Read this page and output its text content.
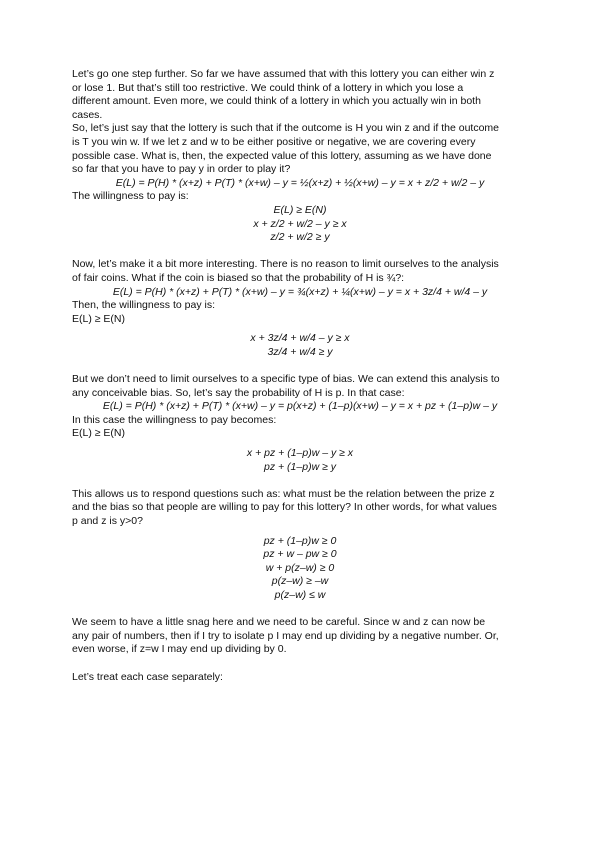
Let’s go one step further. So far we have assumed that with this lottery you can either win z
or lose 1. But that’s still too restrictive. We could think of a lottery in which you lose a
different amount. Even more, we could think of a lottery in which you actually win in both
cases.
So, let’s just say that the lottery is such that if the outcome is H you win z and if the outcome
is T you win w. If we let z and w to be either positive or negative, we are covering every
possible case. What is, then, the expected value of this lottery, assuming as we have done
so far that you have to pay y in order to play it?
E(L) = P(H) * (x+z) + P(T) * (x+w) – y = ½(x+z) + ½(x+w) – y = x + z/2 + w/2 – y
The willingness to pay is:
E(L) ≥ E(N)
x + z/2 + w/2 – y ≥ x
z/2 + w/2 ≥ y
Now, let’s make it a bit more interesting. There is no reason to limit ourselves to the analysis
of fair coins. What if the coin is biased so that the probability of H is ¾?:
E(L) = P(H) * (x+z) + P(T) * (x+w) – y = ¾(x+z) + ¼(x+w) – y = x + 3z/4 + w/4 – y
Then, the willingness to pay is:
E(L) ≥ E(N)
x + 3z/4 + w/4 – y ≥ x
3z/4 + w/4 ≥ y
But we don’t need to limit ourselves to a specific type of bias. We can extend this analysis to
any conceivable bias. So, let’s say the probability of H is p. In that case:
E(L) = P(H) * (x+z) + P(T) * (x+w) – y = p(x+z) + (1–p)(x+w) – y = x + pz + (1–p)w – y
In this case the willingness to pay becomes:
E(L) ≥ E(N)
x + pz + (1–p)w – y ≥ x
pz + (1–p)w ≥ y
This allows us to respond questions such as: what must be the relation between the prize z
and the bias so that people are willing to pay for this lottery? In other words, for what values
p and z is y>0?
pz + (1–p)w ≥ 0
pz + w – pw ≥ 0
w + p(z–w) ≥ 0
p(z–w) ≥ –w
p(z–w) ≤ w
We seem to have a little snag here and we need to be careful. Since w and z can now be
any pair of numbers, then if I try to isolate p I may end up dividing by a negative number. Or,
even worse, if z=w I may end up dividing by 0.
Let’s treat each case separately:
